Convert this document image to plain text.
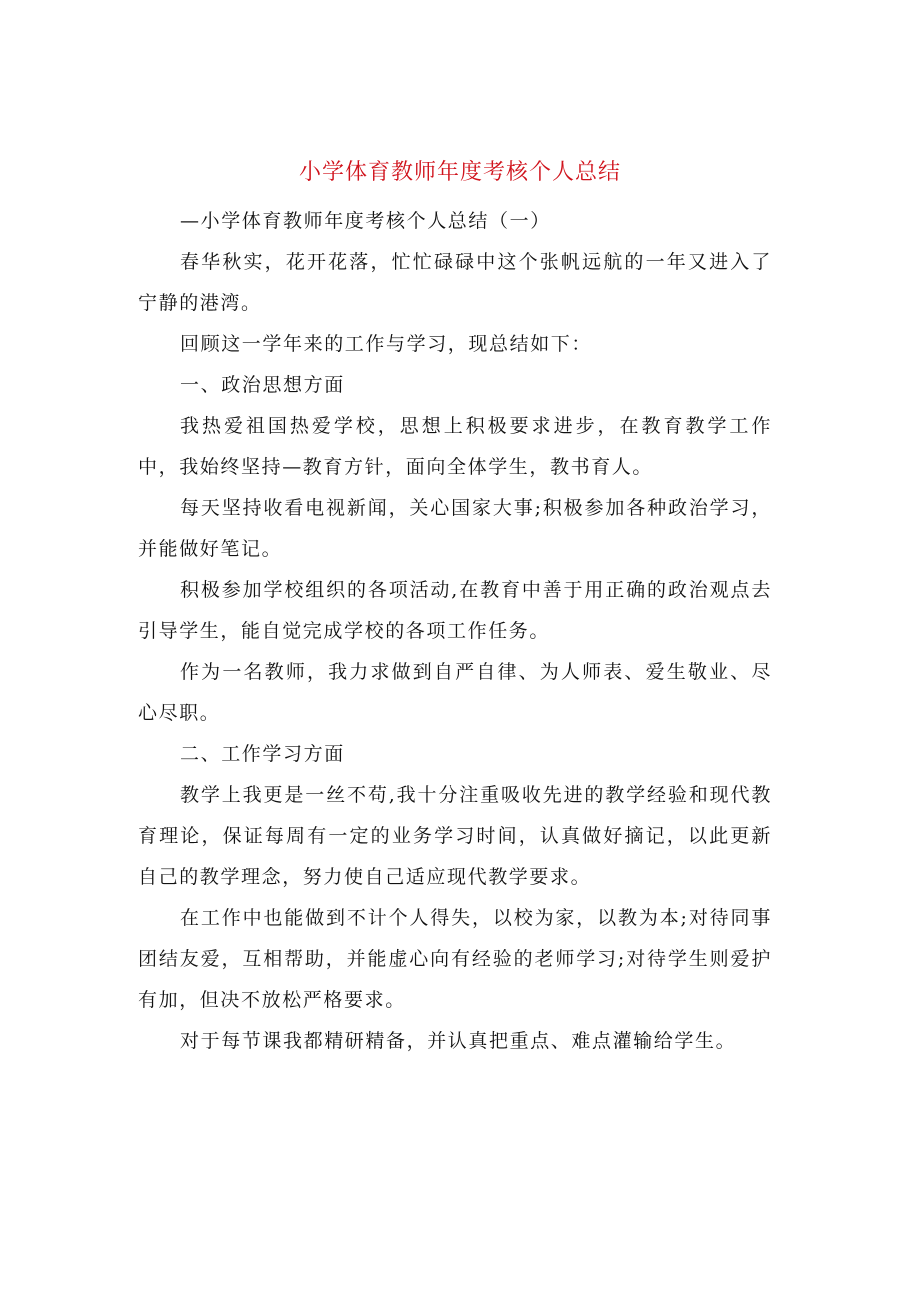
小学体育教师年度考核个人总结

—小学体育教师年度考核个人总结（一）

春华秋实，花开花落，忙忙碌碌中这个张帆远航的一年又进入了宁静的港湾。

回顾这一学年来的工作与学习，现总结如下：

一、政治思想方面

我热爱祖国热爱学校，思想上积极要求进步，在教育教学工作中，我始终坚持—教育方针，面向全体学生，教书育人。

每天坚持收看电视新闻，关心国家大事;积极参加各种政治学习，并能做好笔记。

积极参加学校组织的各项活动,在教育中善于用正确的政治观点去引导学生，能自觉完成学校的各项工作任务。

作为一名教师，我力求做到自严自律、为人师表、爱生敬业、尽心尽职。

二、工作学习方面

教学上我更是一丝不苟,我十分注重吸收先进的教学经验和现代教育理论，保证每周有一定的业务学习时间，认真做好摘记，以此更新自己的教学理念，努力使自己适应现代教学要求。

在工作中也能做到不计个人得失，以校为家，以教为本;对待同事团结友爱，互相帮助，并能虚心向有经验的老师学习;对待学生则爱护有加，但决不放松严格要求。

对于每节课我都精研精备，并认真把重点、难点灌输给学生。
